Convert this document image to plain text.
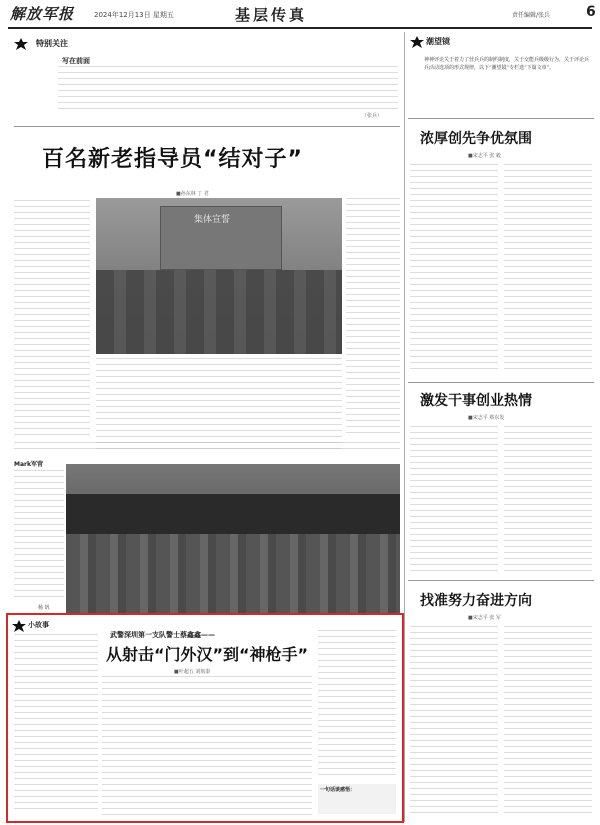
解放军报	2024年12月13日 星期五	基层传真	责任编辑/张兵	6
特别关注
写在前面
（张兵）
百名新老指导员“结对子”
■孙东林 丁 君
集体宣誓
Mark军营
杨 钒
小故事
武警深圳第一支队警士蔡鑫鑫——
从射击“门外汉”到“神枪手”
■叶超五 刘航泰
一句话谈感悟：
潮望镜
神神评论关于着力了营兵兵的制约制度，关于交能兵级级行为，关于评论兵兵活动选项的形式规律，以下“潮望镜”专栏选“下篇文章”。
浓厚创先争优氛围
■宋志平 张 毅
激发干事创业热情
■宋志平 蔡东发
找准努力奋进方向
■宋志平 张 军
